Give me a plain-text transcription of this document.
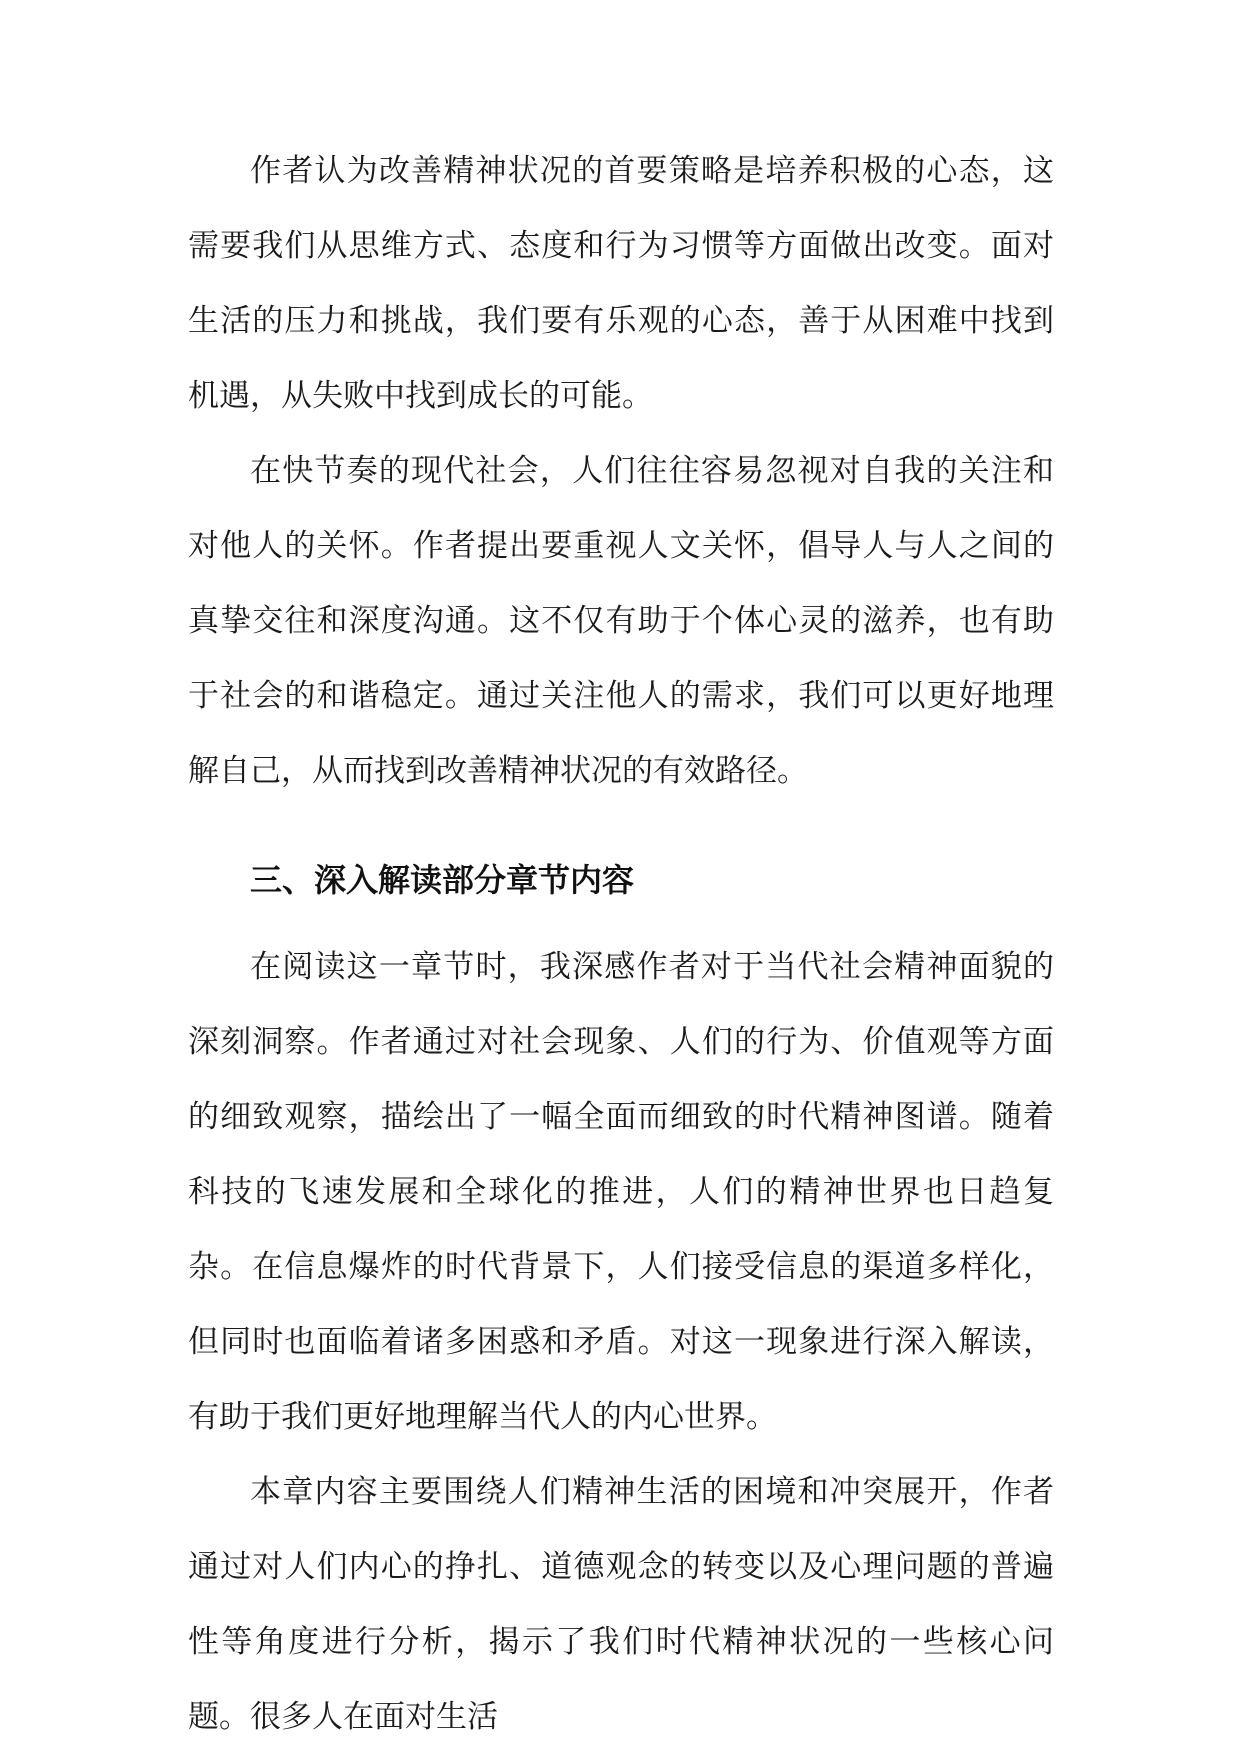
作者认为改善精神状况的首要策略是培养积极的心态，这需要我们从思维方式、态度和行为习惯等方面做出改变。面对生活的压力和挑战，我们要有乐观的心态，善于从困难中找到机遇，从失败中找到成长的可能。

在快节奏的现代社会，人们往往容易忽视对自我的关注和对他人的关怀。作者提出要重视人文关怀，倡导人与人之间的真挚交往和深度沟通。这不仅有助于个体心灵的滋养，也有助于社会的和谐稳定。通过关注他人的需求，我们可以更好地理解自己，从而找到改善精神状况的有效路径。

三、深入解读部分章节内容

在阅读这一章节时，我深感作者对于当代社会精神面貌的深刻洞察。作者通过对社会现象、人们的行为、价值观等方面的细致观察，描绘出了一幅全面而细致的时代精神图谱。随着科技的飞速发展和全球化的推进，人们的精神世界也日趋复杂。在信息爆炸的时代背景下，人们接受信息的渠道多样化，但同时也面临着诸多困惑和矛盾。对这一现象进行深入解读，有助于我们更好地理解当代人的内心世界。

本章内容主要围绕人们精神生活的困境和冲突展开，作者通过对人们内心的挣扎、道德观念的转变以及心理问题的普遍性等角度进行分析，揭示了我们时代精神状况的一些核心问题。很多人在面对生活
